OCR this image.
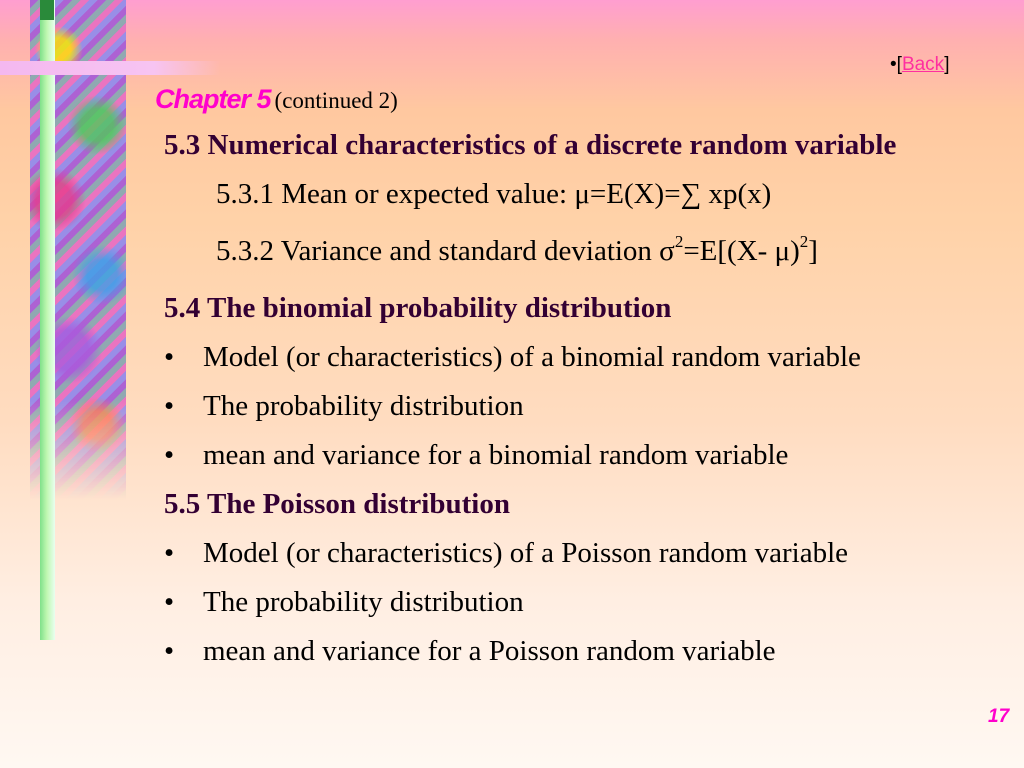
•[Back]
Chapter 5 (continued 2)
5.3 Numerical characteristics of a discrete random variable
5.3.1 Mean or expected value: μ=E(X)=∑ xp(x)
5.3.2 Variance and standard deviation $\sigma^2=E[(X-$ μ)$^2$]
5.4 The binomial probability distribution
• Model (or characteristics) of a binomial random variable
• The probability distribution
• mean and variance for a binomial random variable
5.5 The Poisson distribution
• Model (or characteristics) of a Poisson random variable
• The probability distribution
• mean and variance for a Poisson random variable
17
